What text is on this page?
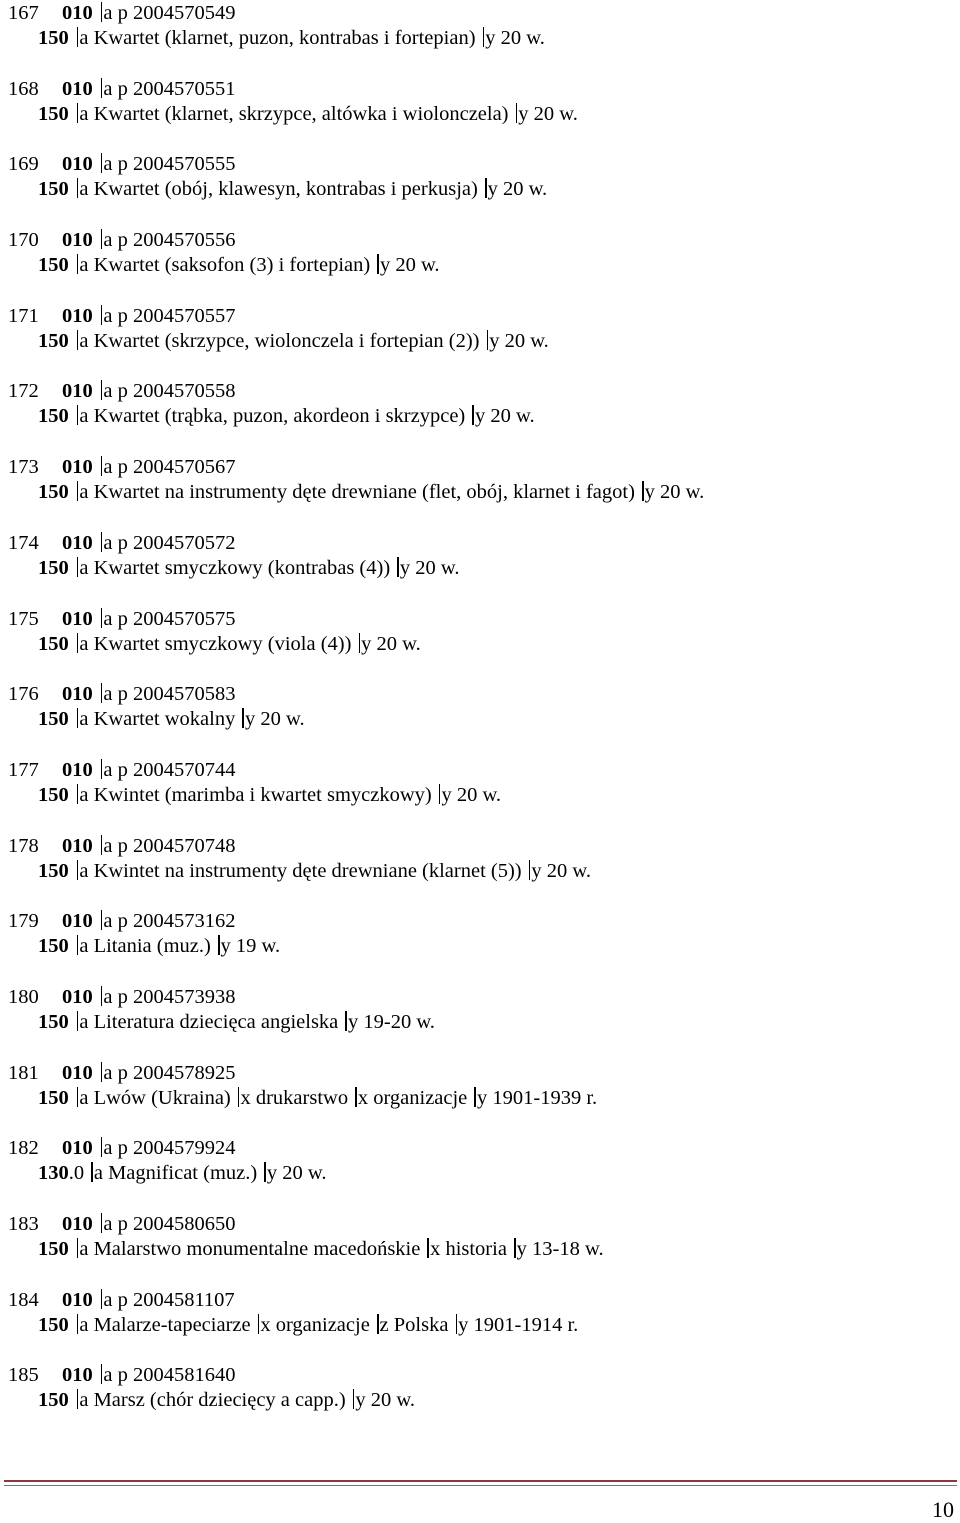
167 010 a p 2004570549
150 a Kwartet (klarnet, puzon, kontrabas i fortepian) y 20 w.
168 010 a p 2004570551
150 a Kwartet (klarnet, skrzypce, altówka i wiolonczela) y 20 w.
169 010 a p 2004570555
150 a Kwartet (obój, klawesyn, kontrabas i perkusja) y 20 w.
170 010 a p 2004570556
150 a Kwartet (saksofon (3) i fortepian) y 20 w.
171 010 a p 2004570557
150 a Kwartet (skrzypce, wiolonczela i fortepian (2)) y 20 w.
172 010 a p 2004570558
150 a Kwartet (trąbka, puzon, akordeon i skrzypce) y 20 w.
173 010 a p 2004570567
150 a Kwartet na instrumenty dęte drewniane (flet, obój, klarnet i fagot) y 20 w.
174 010 a p 2004570572
150 a Kwartet smyczkowy (kontrabas (4)) y 20 w.
175 010 a p 2004570575
150 a Kwartet smyczkowy (viola (4)) y 20 w.
176 010 a p 2004570583
150 a Kwartet wokalny y 20 w.
177 010 a p 2004570744
150 a Kwintet (marimba i kwartet smyczkowy) y 20 w.
178 010 a p 2004570748
150 a Kwintet na instrumenty dęte drewniane (klarnet (5)) y 20 w.
179 010 a p 2004573162
150 a Litania (muz.) y 19 w.
180 010 a p 2004573938
150 a Literatura dziecięca angielska y 19-20 w.
181 010 a p 2004578925
150 a Lwów (Ukraina) x drukarstwo x organizacje y 1901-1939 r.
182 010 a p 2004579924
130.0 a Magnificat (muz.) y 20 w.
183 010 a p 2004580650
150 a Malarstwo monumentalne macedońskie x historia y 13-18 w.
184 010 a p 2004581107
150 a Malarze-tapeciarze x organizacje z Polska y 1901-1914 r.
185 010 a p 2004581640
150 a Marsz (chór dziecięcy a capp.) y 20 w.
10
